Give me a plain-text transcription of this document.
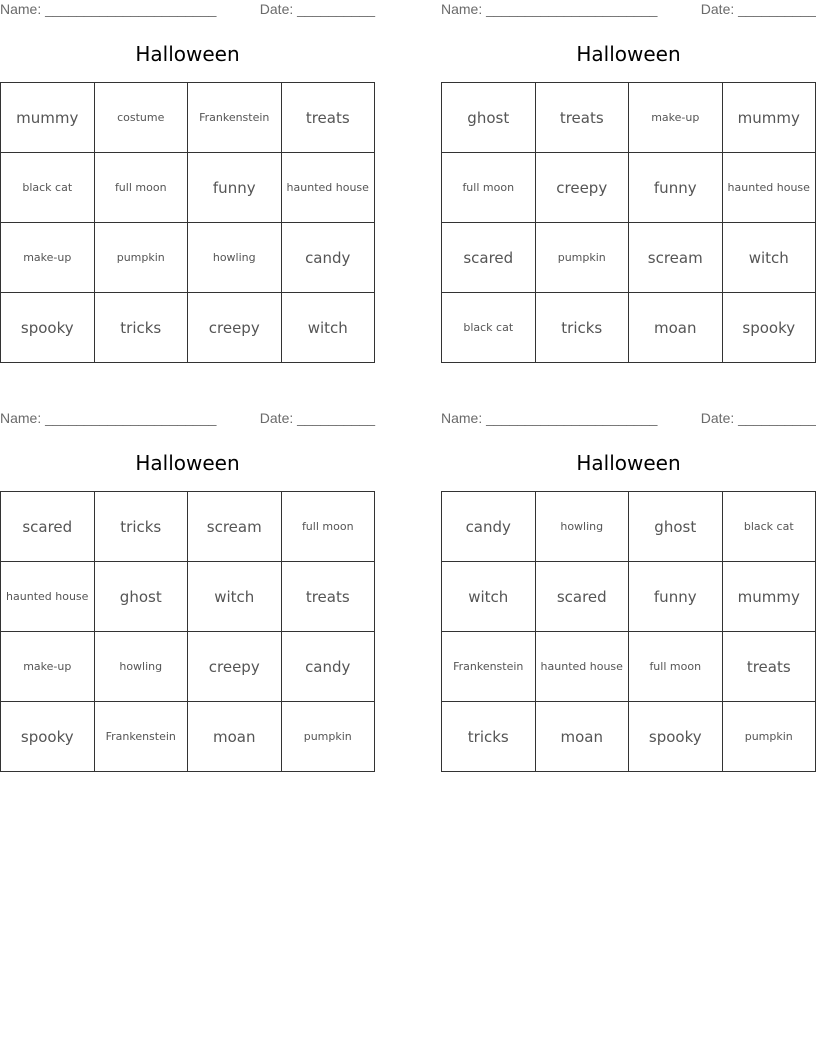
Name: ______________________	Date: __________
Halloween
mummy	costume	Frankenstein	treats
black cat	full moon	funny	haunted house
make-up	pumpkin	howling	candy
spooky	tricks	creepy	witch
Name: ______________________	Date: __________
Halloween
ghost	treats	make-up	mummy
full moon	creepy	funny	haunted house
scared	pumpkin	scream	witch
black cat	tricks	moan	spooky
Name: ______________________	Date: __________
Halloween
scared	tricks	scream	full moon
haunted house	ghost	witch	treats
make-up	howling	creepy	candy
spooky	Frankenstein	moan	pumpkin
Name: ______________________	Date: __________
Halloween
candy	howling	ghost	black cat
witch	scared	funny	mummy
Frankenstein	haunted house	full moon	treats
tricks	moan	spooky	pumpkin
